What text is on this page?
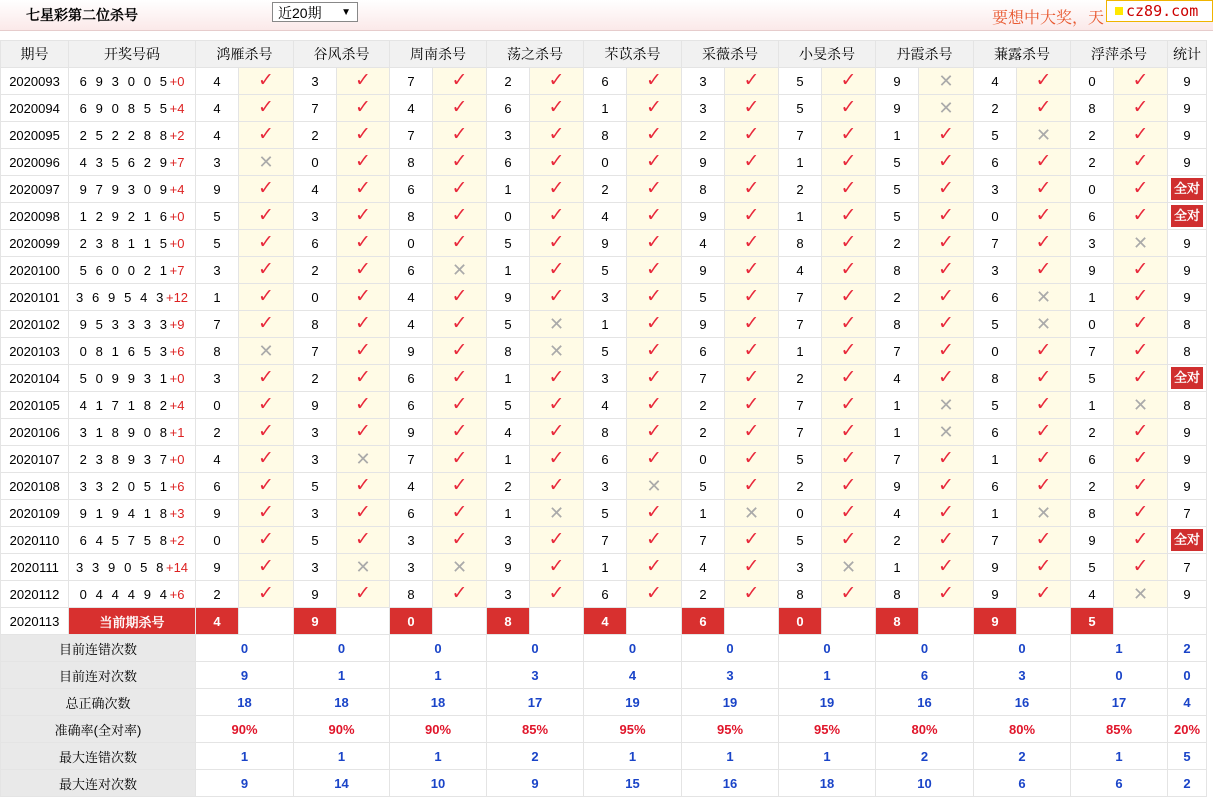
七星彩第二位杀号	近20期 ▼	要想中大奖，天 cz89.com
期号	开奖号码	鸿雁杀号		谷风杀号		周南杀号		荡之杀号		芣苡杀号		采薇杀号		小旻杀号		丹霞杀号		蒹露杀号		浮萍杀号		统计
2020093	6 9 3 0 0 5+0	4	✓	3	✓	7	✓	2	✓	6	✓	3	✓	5	✓	9	✕	4	✓	0	✓	9
2020094	6 9 0 8 5 5+4	4	✓	7	✓	4	✓	6	✓	1	✓	3	✓	5	✓	9	✕	2	✓	8	✓	9
2020095	2 5 2 2 8 8+2	4	✓	2	✓	7	✓	3	✓	8	✓	2	✓	7	✓	1	✓	5	✕	2	✓	9
2020096	4 3 5 6 2 9+7	3	✕	0	✓	8	✓	6	✓	0	✓	9	✓	1	✓	5	✓	6	✓	2	✓	9
2020097	9 7 9 3 0 9+4	9	✓	4	✓	6	✓	1	✓	2	✓	8	✓	2	✓	5	✓	3	✓	0	✓	全对
2020098	1 2 9 2 1 6+0	5	✓	3	✓	8	✓	0	✓	4	✓	9	✓	1	✓	5	✓	0	✓	6	✓	全对
2020099	2 3 8 1 1 5+0	5	✓	6	✓	0	✓	5	✓	9	✓	4	✓	8	✓	2	✓	7	✓	3	✕	9
2020100	5 6 0 0 2 1+7	3	✓	2	✓	6	✕	1	✓	5	✓	9	✓	4	✓	8	✓	3	✓	9	✓	9
2020101	3 6 9 5 4 3+12	1	✓	0	✓	4	✓	9	✓	3	✓	5	✓	7	✓	2	✓	6	✕	1	✓	9
2020102	9 5 3 3 3 3+9	7	✓	8	✓	4	✓	5	✕	1	✓	9	✓	7	✓	8	✓	5	✕	0	✓	8
2020103	0 8 1 6 5 3+6	8	✕	7	✓	9	✓	8	✕	5	✓	6	✓	1	✓	7	✓	0	✓	7	✓	8
2020104	5 0 9 9 3 1+0	3	✓	2	✓	6	✓	1	✓	3	✓	7	✓	2	✓	4	✓	8	✓	5	✓	全对
2020105	4 1 7 1 8 2+4	0	✓	9	✓	6	✓	5	✓	4	✓	2	✓	7	✓	1	✕	5	✓	1	✕	8
2020106	3 1 8 9 0 8+1	2	✓	3	✓	9	✓	4	✓	8	✓	2	✓	7	✓	1	✕	6	✓	2	✓	9
2020107	2 3 8 9 3 7+0	4	✓	3	✕	7	✓	1	✓	6	✓	0	✓	5	✓	7	✓	1	✓	6	✓	9
2020108	3 3 2 0 5 1+6	6	✓	5	✓	4	✓	2	✓	3	✕	5	✓	2	✓	9	✓	6	✓	2	✓	9
2020109	9 1 9 4 1 8+3	9	✓	3	✓	6	✓	1	✕	5	✓	1	✕	0	✓	4	✓	1	✕	8	✓	7
2020110	6 4 5 7 5 8+2	0	✓	5	✓	3	✓	3	✓	7	✓	7	✓	5	✓	2	✓	7	✓	9	✓	全对
2020111	3 3 9 0 5 8+14	9	✓	3	✕	3	✕	9	✓	1	✓	4	✓	3	✕	1	✓	9	✓	5	✓	7
2020112	0 4 4 4 9 4+6	2	✓	9	✓	8	✓	3	✓	6	✓	2	✓	8	✓	8	✓	9	✓	4	✕	9
2020113	当前期杀号	4		9		0		8		4		6		0		8		9		5		
目前连错次数		0		0		0		0		0		0		0		0		0		1		2
目前连对次数		9		1		1		3		4		3		1		6		3		0		0
总正确次数		18		18		18		17		19		19		19		16		16		17		4
准确率(全对率)		90%		90%		90%		85%		95%		95%		95%		80%		80%		85%		20%
最大连错次数		1		1		1		2		1		1		1		2		2		1		5
最大连对次数		9		14		10		9		15		16		18		10		6		6		2
